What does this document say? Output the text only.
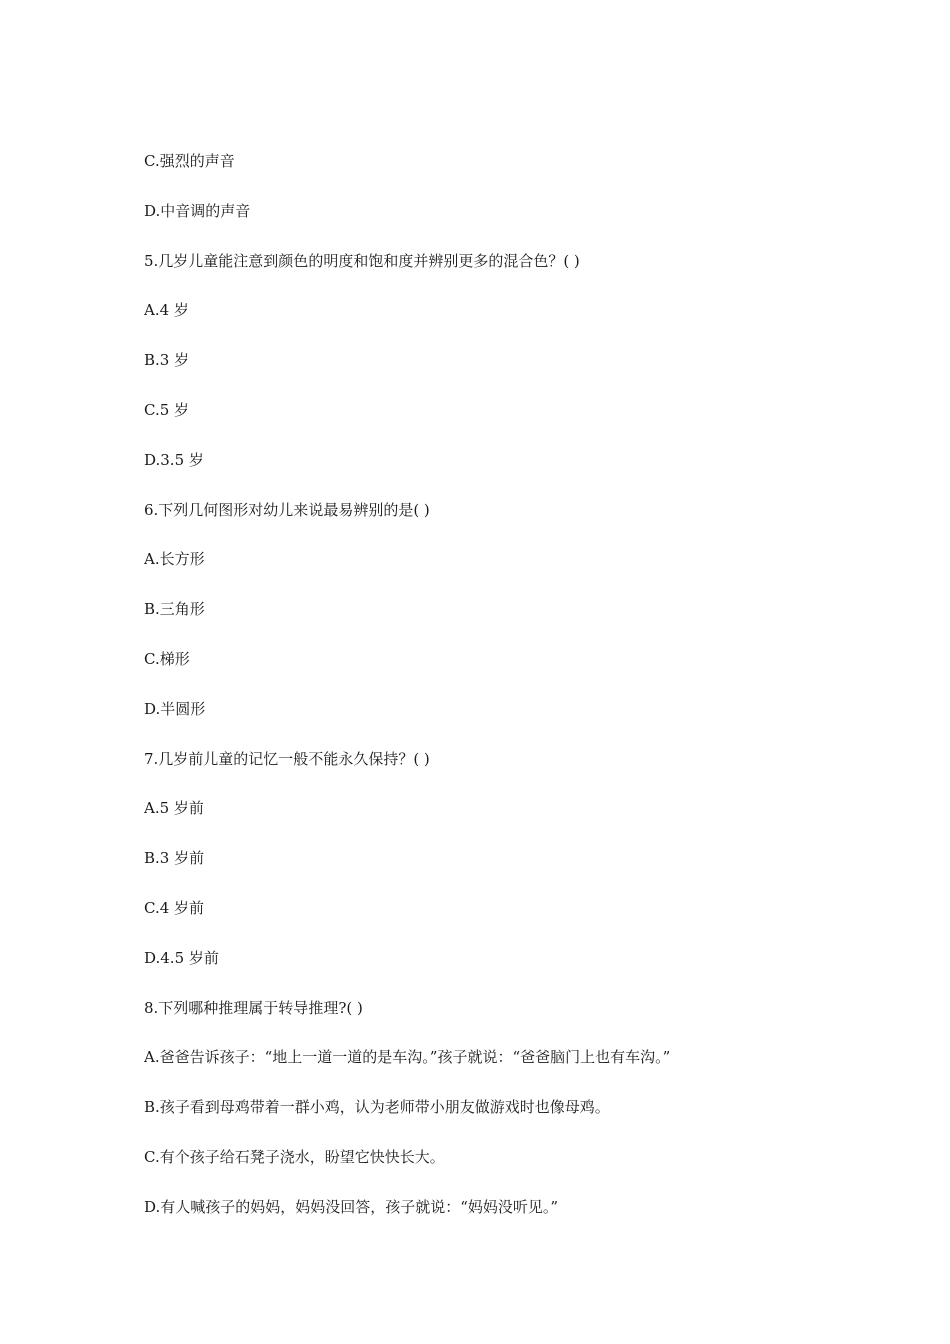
C.强烈的声音

D.中音调的声音

5.几岁儿童能注意到颜色的明度和饱和度并辨别更多的混合色？( )

A.4 岁

B.3 岁

C.5 岁

D.3.5 岁

6.下列几何图形对幼儿来说最易辨别的是( )

A.长方形

B.三角形

C.梯形

D.半圆形

7.几岁前儿童的记忆一般不能永久保持？( )

A.5 岁前

B.3 岁前

C.4 岁前

D.4.5 岁前

8.下列哪种推理属于转导推理?( )

A.爸爸告诉孩子：“地上一道一道的是车沟。”孩子就说：“爸爸脑门上也有车沟。”

B.孩子看到母鸡带着一群小鸡，认为老师带小朋友做游戏时也像母鸡。

C.有个孩子给石凳子浇水，盼望它快快长大。

D.有人喊孩子的妈妈，妈妈没回答，孩子就说：“妈妈没听见。”
